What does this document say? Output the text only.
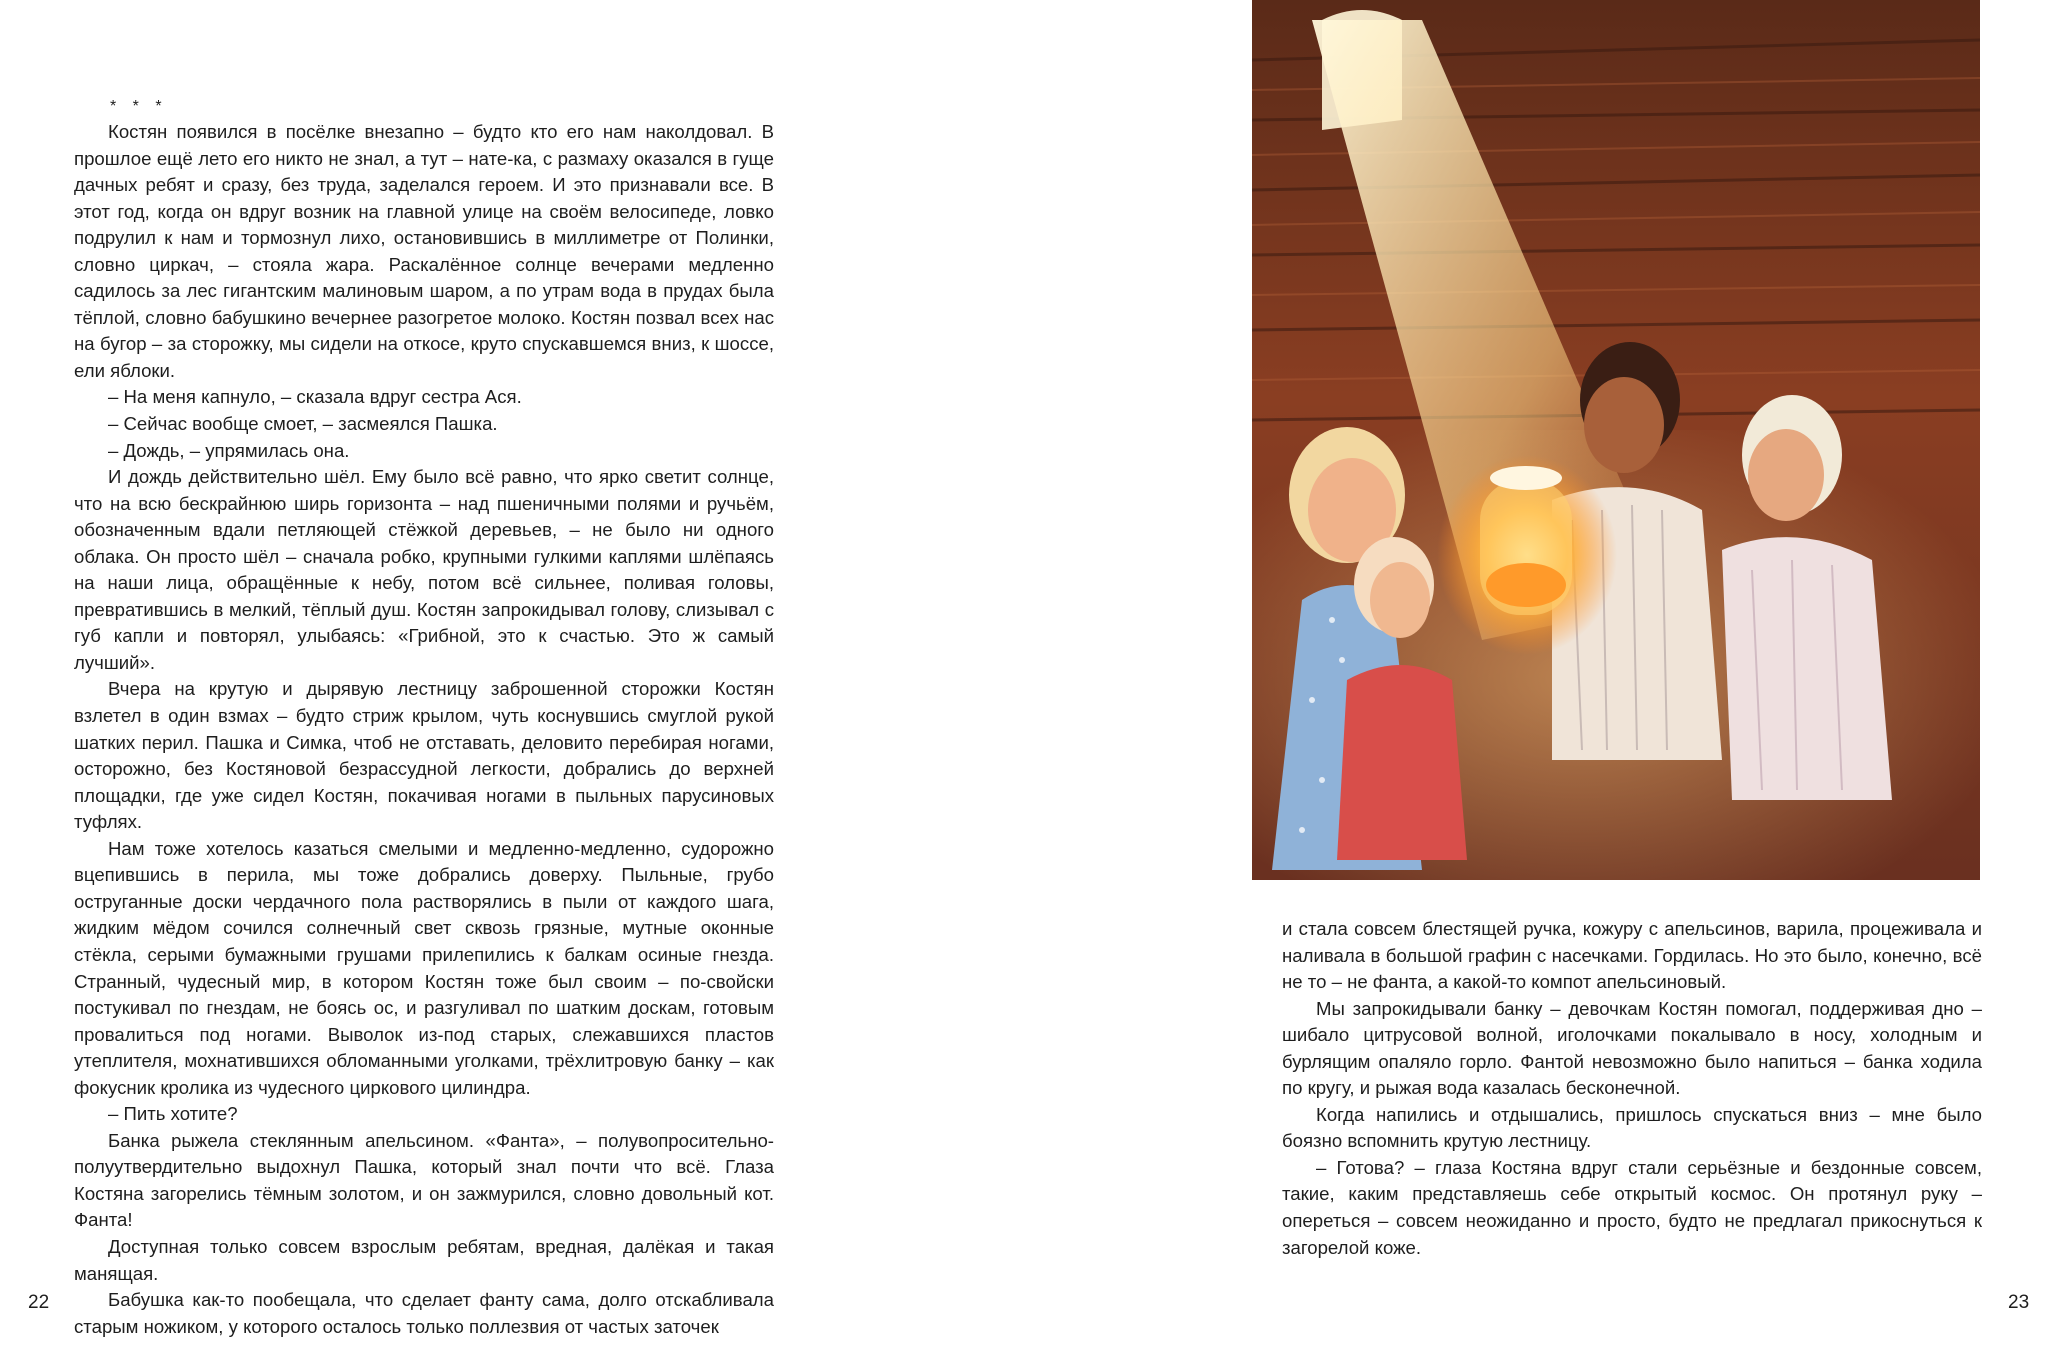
* * *

Костян появился в посёлке внезапно – будто кто его нам наколдовал. В прошлое ещё лето его никто не знал, а тут – нате-ка, с размаху оказался в гуще дачных ребят и сразу, без труда, заделался героем. И это признавали все. В этот год, когда он вдруг возник на главной улице на своём велосипеде, ловко подрулил к нам и тормознул лихо, остановившись в миллиметре от Полинки, словно циркач, – стояла жара. Раскалённое солнце вечерами медленно садилось за лес гигантским малиновым шаром, а по утрам вода в прудах была тёплой, словно бабушкино вечернее разогретое молоко. Костян позвал всех нас на бугор – за сторожку, мы сидели на откосе, круто спускавшемся вниз, к шоссе, ели яблоки.

– На меня капнуло, – сказала вдруг сестра Ася.

– Сейчас вообще смоет, – засмеялся Пашка.

– Дождь, – упрямилась она.

И дождь действительно шёл. Ему было всё равно, что ярко светит солнце, что на всю бескрайнюю ширь горизонта – над пшеничными полями и ручьём, обозначенным вдали петляющей стёжкой деревьев, – не было ни одного облака. Он просто шёл – сначала робко, крупными гулкими каплями шлёпаясь на наши лица, обращённые к небу, потом всё сильнее, поливая головы, превратившись в мелкий, тёплый душ. Костян запрокидывал голову, слизывал с губ капли и повторял, улыбаясь: «Грибной, это к счастью. Это ж самый лучший».

Вчера на крутую и дырявую лестницу заброшенной сторожки Костян взлетел в один взмах – будто стриж крылом, чуть коснувшись смуглой рукой шатких перил. Пашка и Симка, чтоб не отставать, деловито перебирая ногами, осторожно, без Костяновой безрассудной легкости, добрались до верхней площадки, где уже сидел Костян, покачивая ногами в пыльных парусиновых туфлях.

Нам тоже хотелось казаться смелыми и медленно-медленно, судорожно вцепившись в перила, мы тоже добрались доверху. Пыльные, грубо оструганные доски чердачного пола растворялись в пыли от каждого шага, жидким мёдом сочился солнечный свет сквозь грязные, мутные оконные стёкла, серыми бумажными грушами прилепились к балкам осиные гнезда. Странный, чудесный мир, в котором Костян тоже был своим – по-свойски постукивал по гнездам, не боясь ос, и разгуливал по шатким доскам, готовым провалиться под ногами. Выволок из-под старых, слежавшихся пластов утеплителя, мохнатившихся обломанными уголками, трёхлитровую банку – как фокусник кролика из чудесного циркового цилиндра.

– Пить хотите?

Банка рыжела стеклянным апельсином. «Фанта», – полувопросительно-полуутвердительно выдохнул Пашка, который знал почти что всё. Глаза Костяна загорелись тёмным золотом, и он зажмурился, словно довольный кот. Фанта!

Доступная только совсем взрослым ребятам, вредная, далёкая и такая манящая.

Бабушка как-то пообещала, что сделает фанту сама, долго отскабливала старым ножиком, у которого осталось только поллезвия от частых заточек

22

и стала совсем блестящей ручка, кожуру с апельсинов, варила, процеживала и наливала в большой графин с насечками. Гордилась. Но это было, конечно, всё не то – не фанта, а какой-то компот апельсиновый.

Мы запрокидывали банку – девочкам Костян помогал, поддерживая дно – шибало цитрусовой волной, иголочками покалывало в носу, холодным и бурлящим опаляло горло. Фантой невозможно было напиться – банка ходила по кругу, и рыжая вода казалась бесконечной.

Когда напились и отдышались, пришлось спускаться вниз – мне было боязно вспомнить крутую лестницу.

– Готова? – глаза Костяна вдруг стали серьёзные и бездонные совсем, такие, каким представляешь себе открытый космос. Он протянул руку – опереться – совсем неожиданно и просто, будто не предлагал прикоснуться к загорелой коже.

23
